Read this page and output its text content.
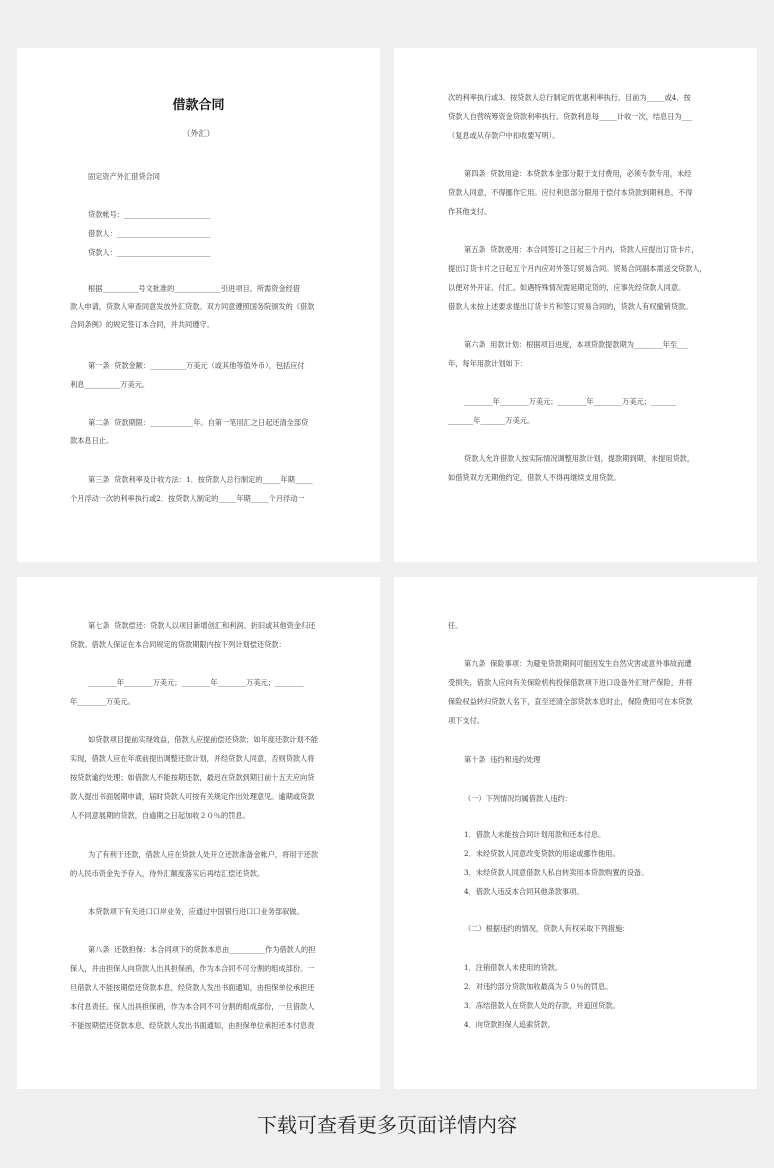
借款合同
（外汇）
固定资产外汇借贷合同
贷款帐号：________________________
借款人：__________________________
贷款人：__________________________
根据__________号文批准的_____________引进项目，所需资金经借
款人申请，贷款人审查同意发放外汇贷款。双方同意遵照国务院颁发的《借款
合同条例》的规定签订本合同，并共同遵守。
第一条  贷款金额：__________万美元（或其他等值外币），包括应付
利息__________万美元。
第二条  贷款期限：____________年。自第一笔用汇之日起还清全部贷
款本息日止。
第三条  贷款利率及计收方法：1．按贷款人总行制定的_____年期_____
个月浮动一次的利率执行或2．按贷款人制定的_____年期_____个月浮动一
次的利率执行或3．按贷款人总行制定的优惠利率执行。目前为_____或4．按
贷款人自营统筹资金贷款利率执行。贷款利息每_____计收一次，结息日为___
（复息或从存款户中扣收要写明）。
第四条  贷款用途：本贷款本金部分限于支付费用，必须专款专用，未经
贷款人同意，不得挪作它用。应付利息部分限用于偿付本贷款到期利息，不得
作其他支付。
第五条  贷款使用：本合同签订之日起三个月内，贷款人应提出订货卡片，
提出订货卡片之日起五个月内应对外签订贸易合同。贸易合同副本需送交贷款人，
以便对外开证、付汇。如遇特殊情况需延期定货的，应事先经贷款人同意。
借款人未按上述要求提出订货卡片和签订贸易合同的，贷款人有权撤销贷款。
第六条  用款计划：根据项目进度，本项贷款提款期为________年至___
年，每年用款计划如下：
________年________万美元；________年________万美元；_______
_______年_______万美元。
贷款人允许借款人按实际情况调整用款计划，提款期到期，未提用贷款，
如借贷双方无期他约定，借款人不得再继续支用贷款。
第七条  贷款偿还：贷款人以项目新增创汇和利润、折旧或其他资金归还
贷款。借款人保证在本合同规定的贷款期限内按下列计划偿还贷款：
________年________万美元；________年________万美元；________
年________万美元。
如贷款项目提前实现效益，借款人应提前偿还贷款；如年度还款计划不能
实现，借款人应在年底前提出调整还款计划，并经贷款人同意，否则贷款人将
按贷款逾约处理；如借款人不能按期还款，最迟在贷款到期日前十五天应向贷
款人提出书面展期申请，届时贷款人可按有关规定作出处理意见。逾期或贷款
人不同意展期的贷款，自逾期之日起加收２０％的罚息。
为了有利于还款，借款人应在贷款人处开立还款准备金帐户，将用于还款
的人民币资金先予存入，待外汇额度落实后再结汇偿还贷款。
本贷款项下有关进口口岸业务，应通过中国银行进口口业务部叙做。
第八条  还款担保：本合同项下的贷款本息由__________作为借款人的担
保人，并由担保人向贷款人出具担保函，作为本合同不可分割的组成部份。一
旦借款人不能按期偿还贷款本息，经贷款人发出书面通知，由担保单位承担还
本付息责任。保人出具担保函，作为本合同不可分割的组成部份，一旦借款人
不能按期偿还贷款本息，经贷款人发出书面通知，由担保单位承担还本付息责
任。
第九条  保险事项：为避免贷款期间可能因发生自然灾害或意外事故而遭
受损失，借款人应向有关保险机构投保借款项下进口设备外汇财产保险，并将
保险权益转归贷款人名下，直至还清全部贷款本息时止，保险费用可在本贷款
项下支付。
第十条  违约和违约处理
（一）下列情况均属借款人违约：
1．借款人未能按合同计划用款和还本付息。
2．未经贷款人同意改变贷款的用途或挪作他用。
3．未经贷款人同意借款人私自转卖用本贷款购置的设备。
4．借款人违反本合同其他条款事项。
（二）根据违约的情况，贷款人有权采取下列措施：
1．注销借款人未使用的贷款。
2．对违约部分贷款加收最高为５０％的罚息。
3．冻结借款人在贷款人处的存款，并追回贷款。
4．向贷款担保人追索贷款。
下载可查看更多页面详情内容
